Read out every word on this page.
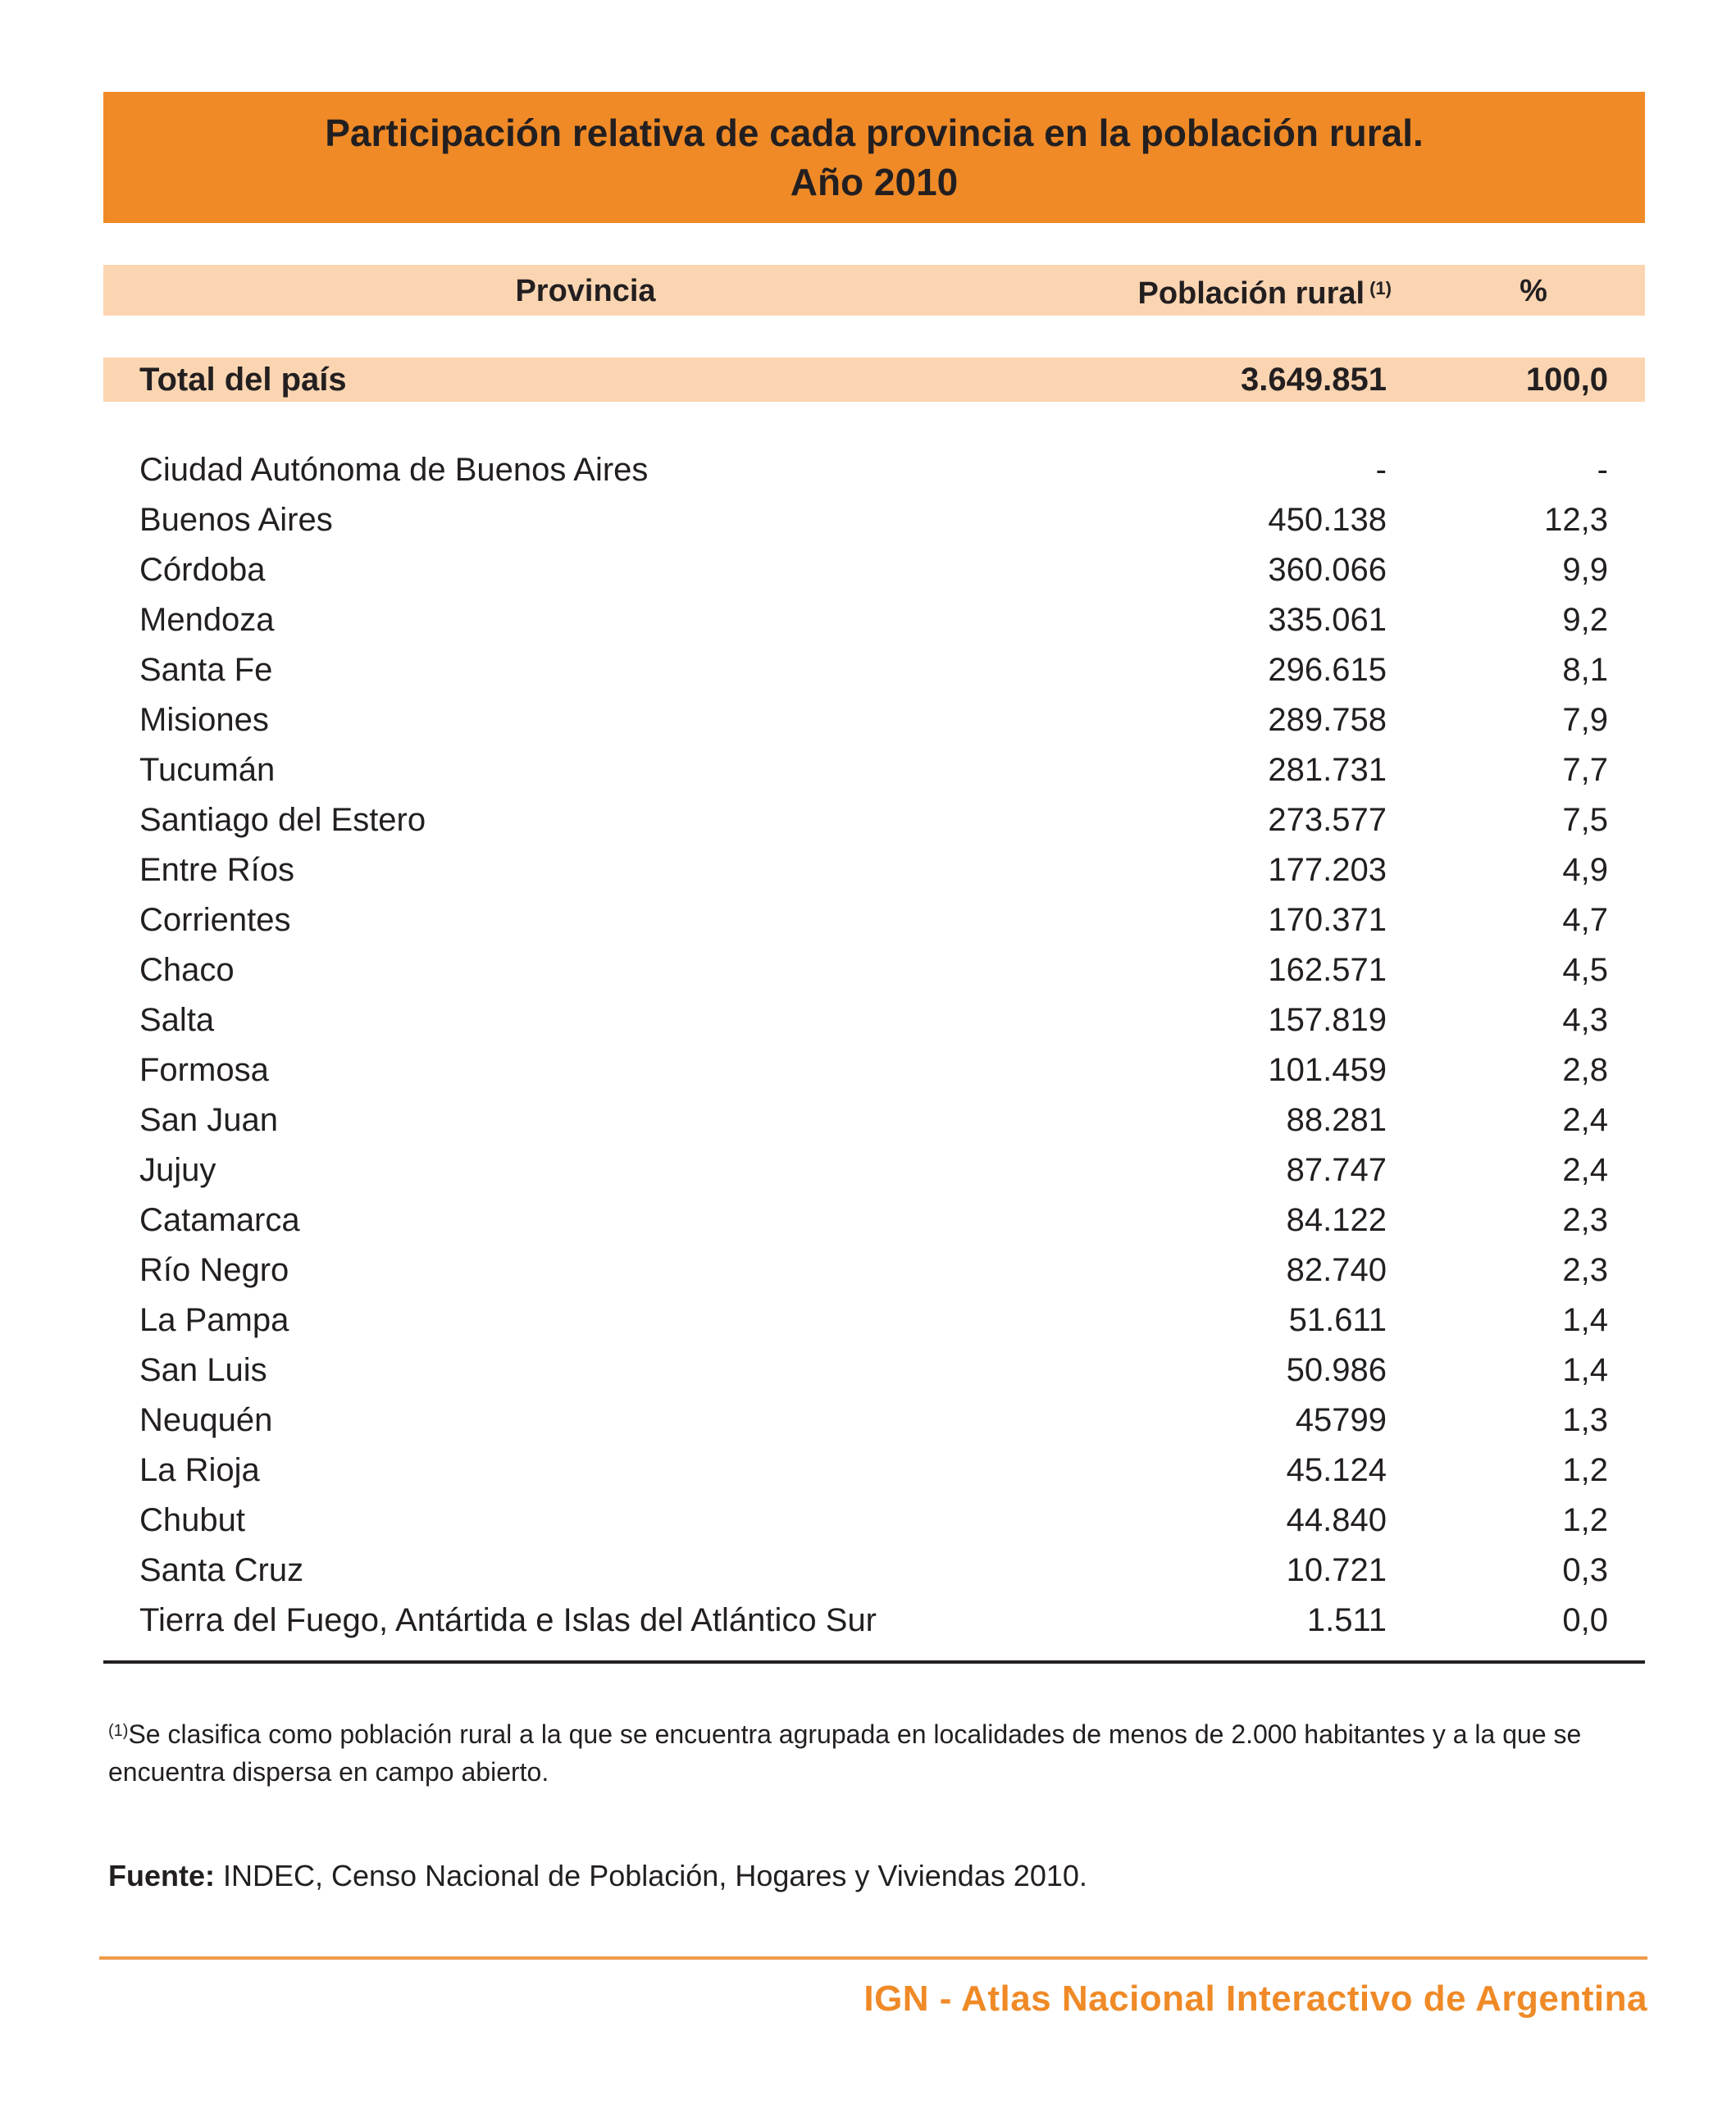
Participación relativa de cada provincia en la población rural.
Año 2010
Provincia	Población rural $^{(1)}$	%
Total del país	3.649.851	100,0
Ciudad Autónoma de Buenos Aires	-	-
Buenos Aires	450.138	12,3
Córdoba	360.066	9,9
Mendoza	335.061	9,2
Santa Fe	296.615	8,1
Misiones	289.758	7,9
Tucumán	281.731	7,7
Santiago del Estero	273.577	7,5
Entre Ríos	177.203	4,9
Corrientes	170.371	4,7
Chaco	162.571	4,5
Salta	157.819	4,3
Formosa	101.459	2,8
San Juan	88.281	2,4
Jujuy	87.747	2,4
Catamarca	84.122	2,3
Río Negro	82.740	2,3
La Pampa	51.611	1,4
San Luis	50.986	1,4
Neuquén	45799	1,3
La Rioja	45.124	1,2
Chubut	44.840	1,2
Santa Cruz	10.721	0,3
Tierra del Fuego, Antártida e Islas del Atlántico Sur	1.511	0,0
$^{(1)}$Se clasifica como población rural a la que se encuentra agrupada en localidades de menos de 2.000 habitantes y a la que se encuentra dispersa en campo abierto.
Fuente: INDEC, Censo Nacional de Población, Hogares y Viviendas 2010.
IGN - Atlas Nacional Interactivo de Argentina
